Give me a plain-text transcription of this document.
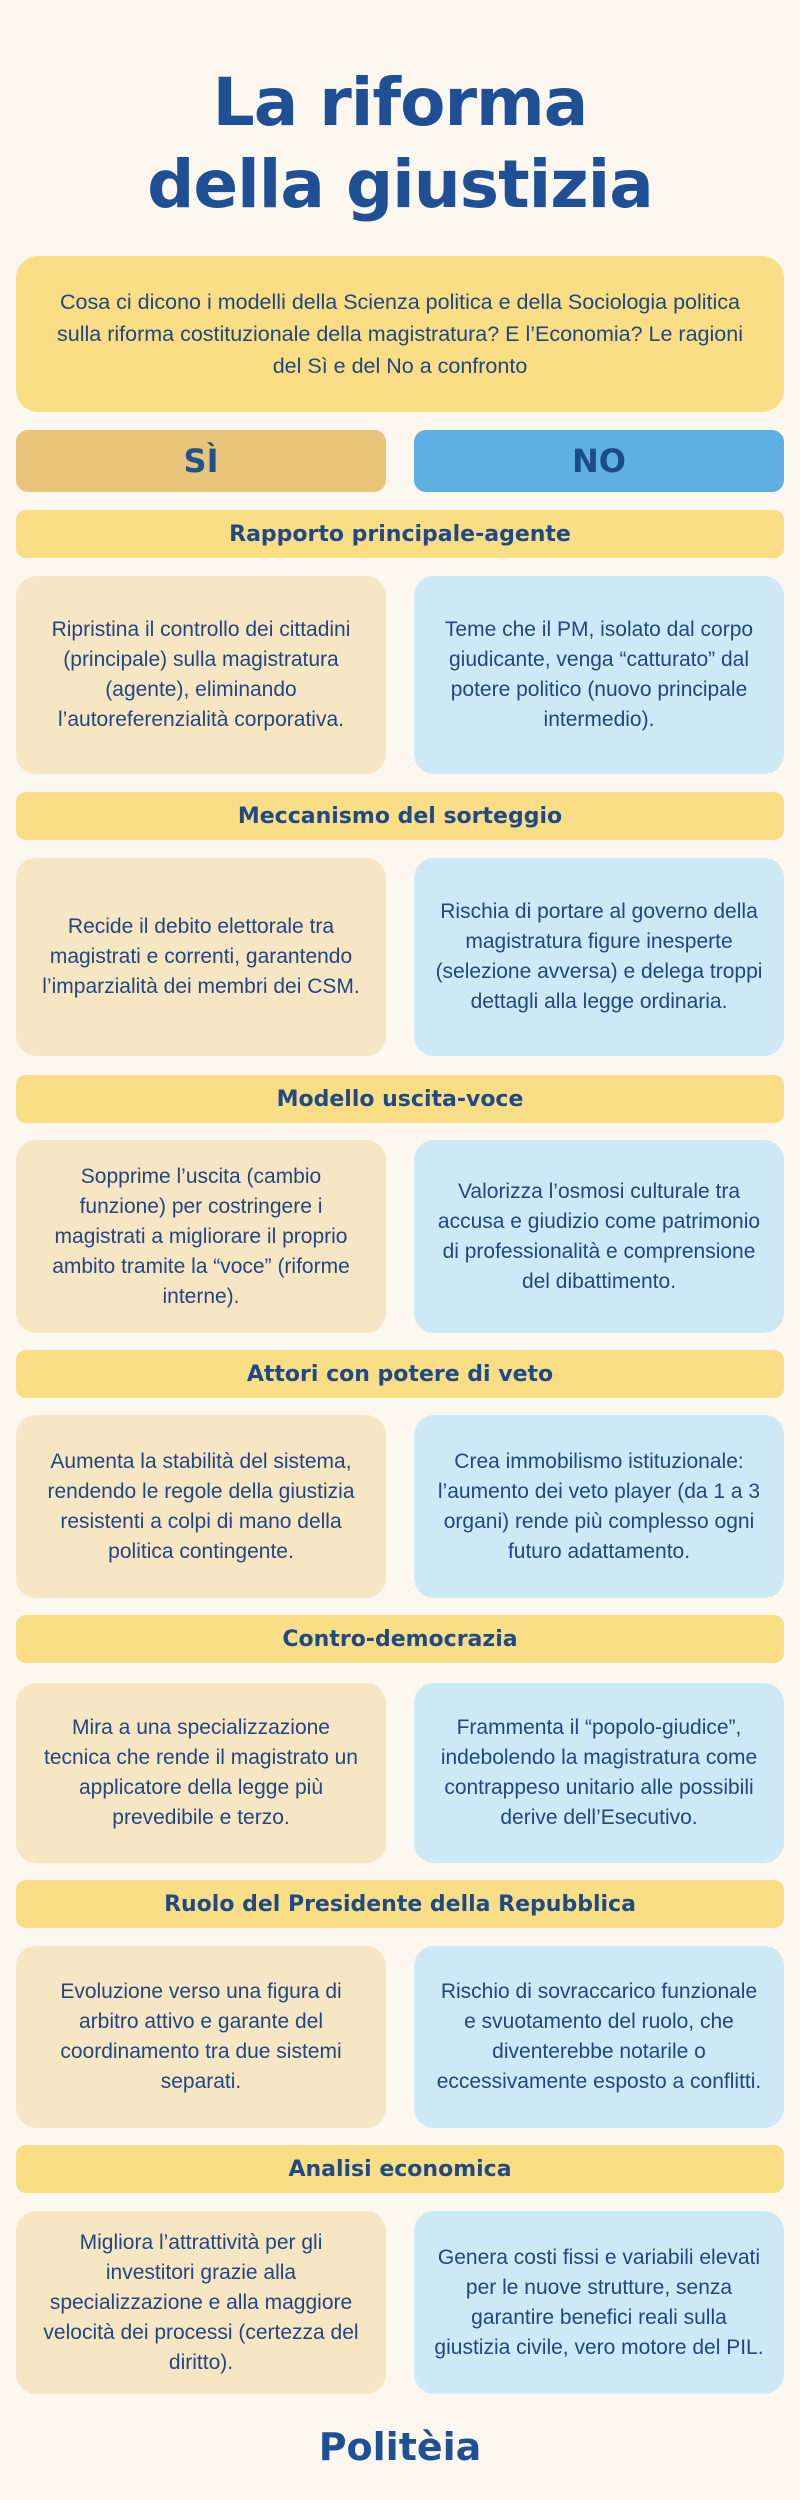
La riforma
della giustizia
Cosa ci dicono i modelli della Scienza politica e della Sociologia politica sulla riforma costituzionale della magistratura? E l’Economia? Le ragioni del Sì e del No a confronto
SÌ	NO
Rapporto principale-agente
Ripristina il controllo dei cittadini (principale) sulla magistratura (agente), eliminando l’autoreferenzialità corporativa.
Teme che il PM, isolato dal corpo giudicante, venga “catturato” dal potere politico (nuovo principale intermedio).
Meccanismo del sorteggio
Recide il debito elettorale tra magistrati e correnti, garantendo l’imparzialità dei membri dei CSM.
Rischia di portare al governo della magistratura figure inesperte (selezione avversa) e delega troppi dettagli alla legge ordinaria.
Modello uscita-voce
Sopprime l’uscita (cambio funzione) per costringere i magistrati a migliorare il proprio ambito tramite la “voce” (riforme interne).
Valorizza l’osmosi culturale tra accusa e giudizio come patrimonio di professionalità e comprensione del dibattimento.
Attori con potere di veto
Aumenta la stabilità del sistema, rendendo le regole della giustizia resistenti a colpi di mano della politica contingente.
Crea immobilismo istituzionale: l’aumento dei veto player (da 1 a 3 organi) rende più complesso ogni futuro adattamento.
Contro-democrazia
Mira a una specializzazione tecnica che rende il magistrato un applicatore della legge più prevedibile e terzo.
Frammenta il “popolo-giudice”, indebolendo la magistratura come contrappeso unitario alle possibili derive dell’Esecutivo.
Ruolo del Presidente della Repubblica
Evoluzione verso una figura di arbitro attivo e garante del coordinamento tra due sistemi separati.
Rischio di sovraccarico funzionale e svuotamento del ruolo, che diventerebbe notarile o eccessivamente esposto a conflitti.
Analisi economica
Migliora l’attrattività per gli investitori grazie alla specializzazione e alla maggiore velocità dei processi (certezza del diritto).
Genera costi fissi e variabili elevati per le nuove strutture, senza garantire benefici reali sulla giustizia civile, vero motore del PIL.
Politèia
